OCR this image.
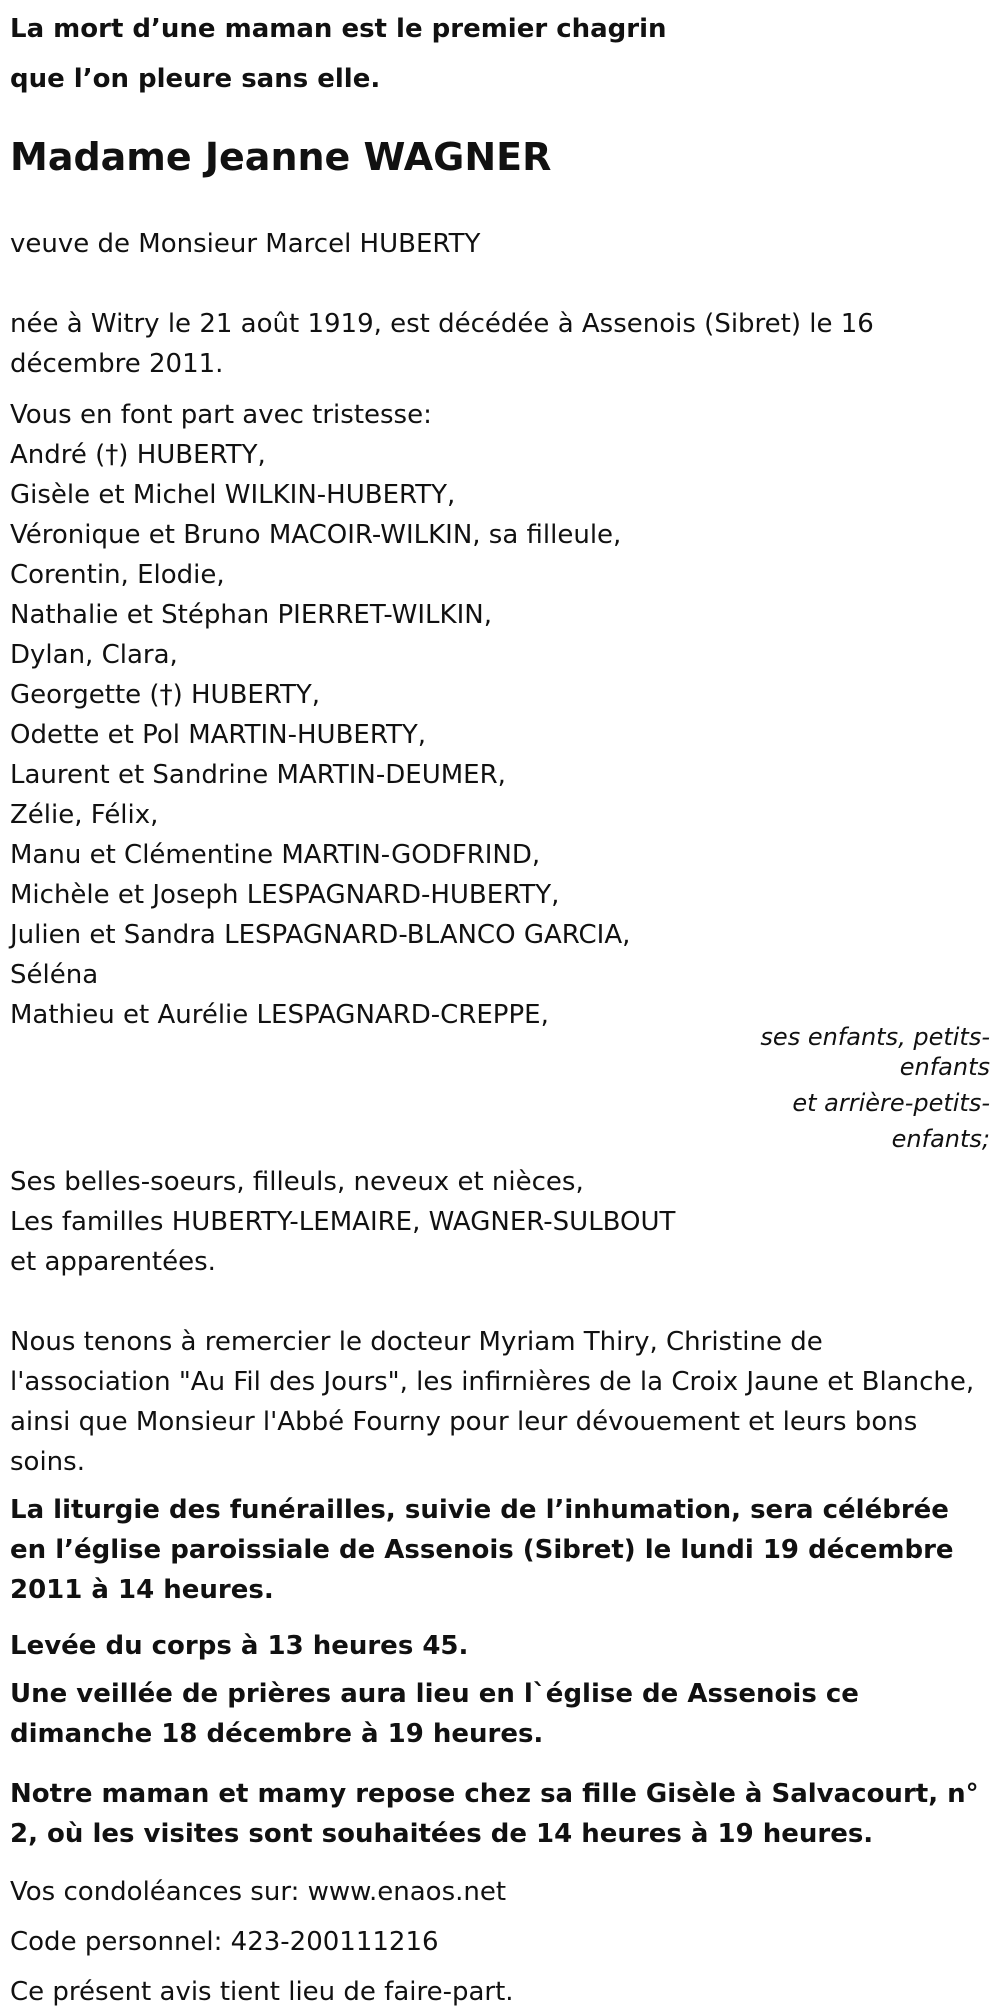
La mort d’une maman est le premier chagrin
que l’on pleure sans elle.
Madame Jeanne WAGNER

veuve de Monsieur Marcel HUBERTY

née à Witry le 21 août 1919, est décédée à Assenois (Sibret) le 16 décembre 2011.

Vous en font part avec tristesse:

André (†) HUBERTY,
Gisèle et Michel WILKIN-HUBERTY,
Véronique et Bruno MACOIR-WILKIN, sa filleule,
Corentin, Elodie,
Nathalie et Stéphan PIERRET-WILKIN,
Dylan, Clara,
Georgette (†) HUBERTY,
Odette et Pol MARTIN-HUBERTY,
Laurent et Sandrine MARTIN-DEUMER,
Zélie, Félix,
Manu et Clémentine MARTIN-GODFRIND,
Michèle et Joseph LESPAGNARD-HUBERTY,
Julien et Sandra LESPAGNARD-BLANCO GARCIA,
Séléna
Mathieu et Aurélie LESPAGNARD-CREPPE,
ses enfants, petits-
enfants
et arrière-petits-
enfants;

Ses belles-soeurs, filleuls, neveux et nièces,

Les familles HUBERTY-LEMAIRE, WAGNER-SULBOUT

et apparentées.

Nous tenons à remercier le docteur Myriam Thiry, Christine de l'association "Au Fil des Jours", les infirnières de la Croix Jaune et Blanche, ainsi que Monsieur l'Abbé Fourny pour leur dévouement et leurs bons soins.

La liturgie des funérailles, suivie de l’inhumation, sera célébrée en l’église paroissiale de Assenois (Sibret) le lundi 19 décembre 2011 à 14 heures.

Levée du corps à 13 heures 45.

Une veillée de prières aura lieu en l`église de Assenois ce dimanche 18 décembre à 19 heures.

Notre maman et mamy repose chez sa fille Gisèle à Salvacourt, n° 2, où les visites sont souhaitées de 14 heures à 19 heures.

Vos condoléances sur: www.enaos.net

Code personnel: 423-200111216

Ce présent avis tient lieu de faire-part.
